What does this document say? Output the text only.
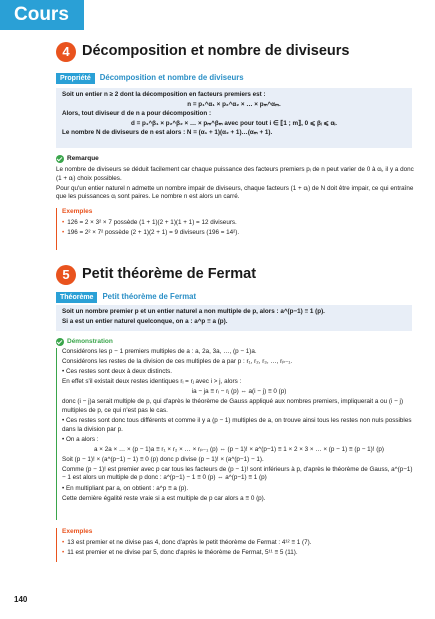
Cours
4 Décomposition et nombre de diviseurs
Propriété	Décomposition et nombre de diviseurs

Soit un entier n ≥ 2 dont la décomposition en facteurs premiers est :

n = p₁^α₁ × p₂^α₂ × … × pₘ^αₘ.

Alors, tout diviseur d de n a pour décomposition :

d = p₁^β₁ × p₂^β₂ × … × pₘ^βₘ avec pour tout i ∈ ⟦1 ; m⟧, 0 ⩽ βᵢ ⩽ αᵢ.

Le nombre N de diviseurs de n est alors : N = (α₁ + 1)(α₂ + 1)…(αₘ + 1).

Remarque

Le nombre de diviseurs se déduit facilement car chaque puissance des facteurs premiers pᵢ de n peut varier de 0 à αᵢ, il y a donc (1 + αᵢ) choix possibles.

Pour qu'un entier naturel n admette un nombre impair de diviseurs, chaque facteurs (1 + αᵢ) de N doit être impair, ce qui entraîne que les puissances αᵢ sont paires. Le nombre n est alors un carré.

Exemples
• 126 = 2 × 3² × 7 possède (1 + 1)(2 + 1)(1 + 1) = 12 diviseurs.
• 196 = 2² × 7² possède (2 + 1)(2 + 1) = 9 diviseurs (196 = 14²).
5 Petit théorème de Fermat
Théorème	Petit théorème de Fermat

Soit un nombre premier p et un entier naturel a non multiple de p, alors : a^(p−1) ≡ 1 (p).

Si a est un entier naturel quelconque, on a : a^p ≡ a (p).

Démonstration

Considérons les p − 1 premiers multiples de a : a, 2a, 3a, …, (p − 1)a.

Considérons les restes de la division de ces multiples de a par p : r₁, r₂, r₃, …, rₚ₋₁.

• Ces restes sont deux à deux distincts.

En effet s'il existait deux restes identiques rᵢ = rⱼ avec i > j, alors :

ia − ja ≡ rᵢ − rⱼ (p) ⇔ a(i − j) ≡ 0 (p)

donc (i − j)a serait multiple de p, qui d'après le théorème de Gauss appliqué aux nombres premiers, impliquerait a ou (i − j) multiples de p, ce qui n'est pas le cas.

• Ces restes sont donc tous différents et comme il y a (p − 1) multiples de a, on trouve ainsi tous les restes non nuls possibles dans la division par p.

• On a alors :

a × 2a × … × (p − 1)a ≡ r₁ × r₂ × … × rₚ₋₁ (p) ⇔ (p − 1)! × a^(p−1) ≡ 1 × 2 × 3 × … × (p − 1) ≡ (p − 1)! (p)

Soit (p − 1)! × (a^(p−1) − 1) ≡ 0 (p) donc p divise (p − 1)! × (a^(p−1) − 1).

Comme (p − 1)! est premier avec p car tous les facteurs de (p − 1)! sont inférieurs à p, d'après le théorème de Gauss, a^(p−1) − 1 est alors un multiple de p donc : a^(p−1) − 1 ≡ 0 (p) ⇔ a^(p−1) ≡ 1 (p)

• En multipliant par a, on obtient : a^p ≡ a (p).

Cette dernière égalité reste vraie si a est multiple de p car alors a ≡ 0 (p).

Exemples
• 13 est premier et ne divise pas 4, donc d'après le petit théorème de Fermat : 4¹² ≡ 1 (7).
• 11 est premier et ne divise par 5, donc d'après le théorème de Fermat, 5¹¹ ≡ 5 (11).
140
